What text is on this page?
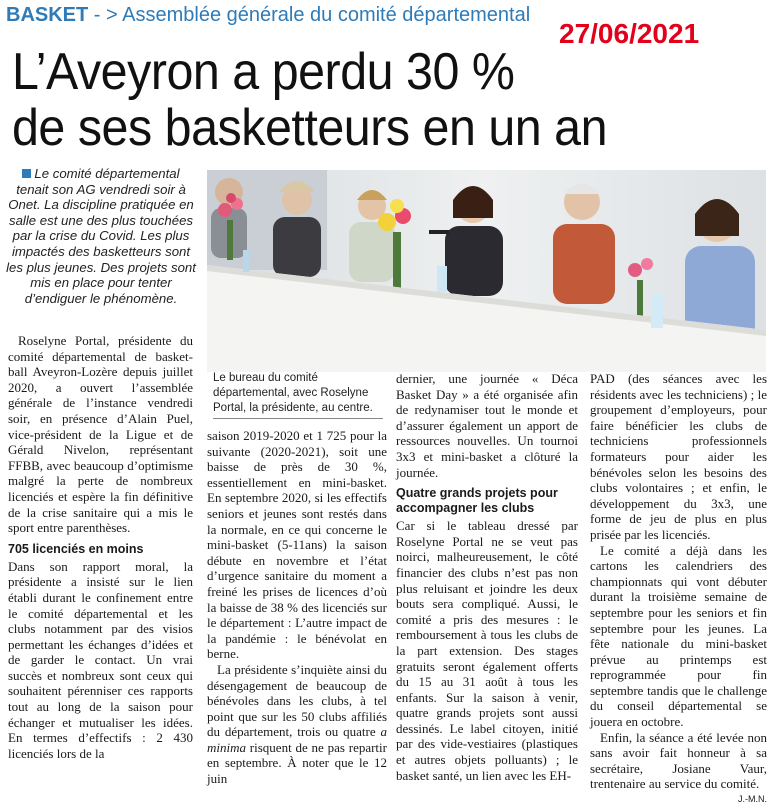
BASKET - > Assemblée générale du comité départemental
27/06/2021
L’Aveyron a perdu 30 %
de ses basketteurs en un an
Le comité départemental tenait son AG vendredi soir à Onet. La discipline pratiquée en salle est une des plus touchées par la crise du Covid. Les plus impactés des basketteurs sont les plus jeunes. Des projets sont mis en place pour tenter d’endiguer le phénomène.
Le bureau du comité départemental, avec Roselyne Portal, la présidente, au centre.

Roselyne Portal, présidente du comité départemental de basket-ball Aveyron-Lozère depuis juillet 2020, a ouvert l’assemblée générale de l’instance vendredi soir, en présence d’Alain Puel, vice-président de la Ligue et de Gérald Nivelon, représentant FFBB, avec beaucoup d’optimisme malgré la perte de nombreux licenciés et espère la fin définitive de la crise sanitaire qui a mis le sport entre parenthèses.

705 licenciés en moins

Dans son rapport moral, la présidente a insisté sur le lien établi durant le confinement entre le comité départemental et les clubs notamment par des visios permettant les échanges d’idées et de garder le contact. Un vrai succès et nombreux sont ceux qui souhaitent pérenniser ces rapports tout au long de la saison pour échanger et mutualiser les idées. En termes d’effectifs : 2 430 licenciés lors de la

saison 2019-2020 et 1 725 pour la suivante (2020-2021), soit une baisse de près de 30 %, essentiellement en mini-basket. En septembre 2020, si les effectifs seniors et jeunes sont restés dans la normale, en ce qui concerne le mini-basket (5-11ans) la saison débute en novembre et l’état d’urgence sanitaire du moment a freiné les prises de licences d’où la baisse de 38 % des licenciés sur le département : L’autre impact de la pandémie : le bénévolat en berne.

La présidente s’inquiète ainsi du désengagement de beaucoup de bénévoles dans les clubs, à tel point que sur les 50 clubs affiliés du département, trois ou quatre a minima risquent de ne pas repartir en septembre. À noter que le 12 juin

dernier, une journée « Déca Basket Day » a été organisée afin de redynamiser tout le monde et d’assurer également un apport de ressources nouvelles. Un tournoi 3x3 et mini-basket a clôturé la journée.

Quatre grands projets pour accompagner les clubs

Car si le tableau dressé par Roselyne Portal ne se veut pas noirci, malheureusement, le côté financier des clubs n’est pas non plus reluisant et joindre les deux bouts sera compliqué. Aussi, le comité a pris des mesures : le remboursement à tous les clubs de la part extension. Des stages gratuits seront également offerts du 15 au 31 août à tous les enfants. Sur la saison à venir, quatre grands projets sont aussi dessinés. Le label citoyen, initié par des vide-vestiaires (plastiques et autres objets polluants) ; le basket santé, un lien avec les EH-

PAD (des séances avec les résidents avec les techniciens) ; le groupement d’employeurs, pour faire bénéficier les clubs de techniciens professionnels formateurs pour aider les bénévoles selon les besoins des clubs volontaires ; et enfin, le développement du 3x3, une forme de jeu de plus en plus prisée par les licenciés.

Le comité a déjà dans les cartons les calendriers des championnats qui vont débuter durant la troisième semaine de septembre pour les seniors et fin septembre pour les jeunes. La fête nationale du mini-basket prévue au printemps est reprogrammée pour fin septembre tandis que le challenge du conseil départemental se jouera en octobre.

Enfin, la séance a été levée non sans avoir fait honneur à sa secrétaire, Josiane Vaur, trentenaire au service du comité.

J.-M.N.
